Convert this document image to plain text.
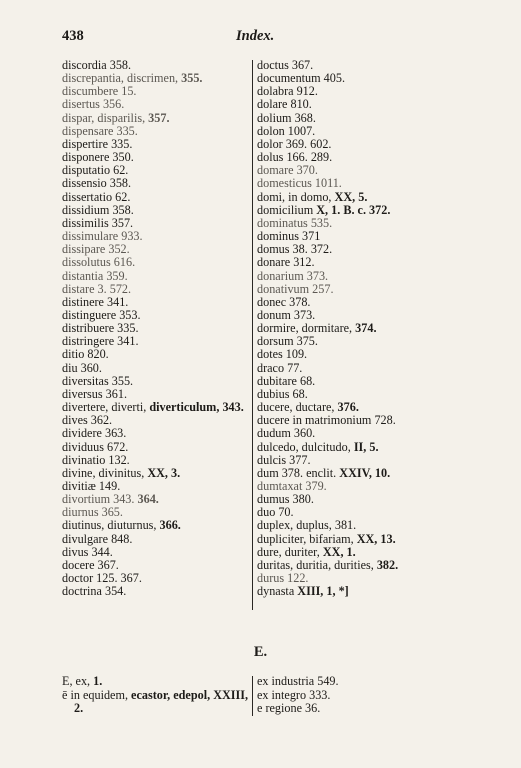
438	Index.
discordia 358.
discrepantia, discrimen, 355.
discumbere 15.
disertus 356.
dispar, disparilis, 357.
dispensare 335.
dispertire 335.
disponere 350.
disputatio 62.
dissensio 358.
dissertatio 62.
dissidium 358.
dissimilis 357.
dissimulare 933.
dissipare 352.
dissolutus 616.
distantia 359.
distare 3. 572.
distinere 341.
distinguere 353.
distribuere 335.
distringere 341.
ditio 820.
diu 360.
diversitas 355.
diversus 361.
divertere, diverti, diverticulum, 343.
dives 362.
dividere 363.
dividuus 672.
divinatio 132.
divine, divinitus, XX, 3.
divitiæ 149.
divortium 343. 364.
diurnus 365.
diutinus, diuturnus, 366.
divulgare 848.
divus 344.
docere 367.
doctor 125. 367.
doctrina 354.
doctus 367.
documentum 405.
dolabra 912.
dolare 810.
dolium 368.
dolon 1007.
dolor 369. 602.
dolus 166. 289.
domare 370.
domesticus 1011.
domi, in domo, XX, 5.
domicilium X, 1. B. c. 372.
dominatus 535.
dominus 371
domus 38. 372.
donare 312.
donarium 373.
donativum 257.
donec 378.
donum 373.
dormire, dormitare, 374.
dorsum 375.
dotes 109.
draco 77.
dubitare 68.
dubius 68.
ducere, ductare, 376.
ducere in matrimonium 728.
dudum 360.
dulcedo, dulcitudo, II, 5.
dulcis 377.
dum 378. enclit. XXIV, 10.
dumtaxat 379.
dumus 380.
duo 70.
duplex, duplus, 381.
dupliciter, bifariam, XX, 13.
dure, duriter, XX, 1.
duritas, duritia, durities, 382.
durus 122.
dynasta XIII, 1, *]
E.
E, ex, 1.
ē in equidem, ecastor, edepol, XXIII, 2.
ex industria 549.
ex integro 333.
e regione 36.
